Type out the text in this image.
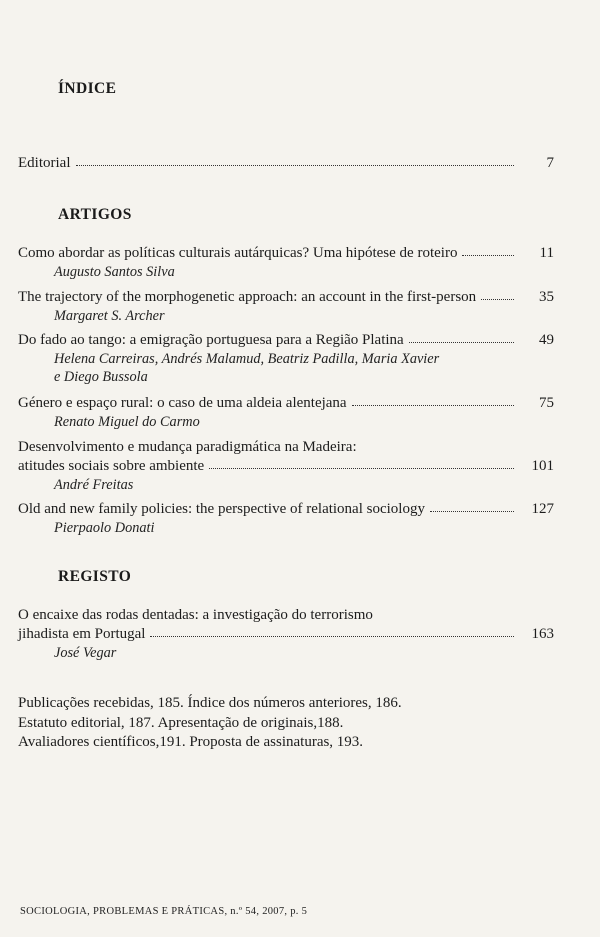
ÍNDICE
Editorial	7
ARTIGOS
Como abordar as políticas culturais autárquicas? Uma hipótese de roteiro	11
Augusto Santos Silva
The trajectory of the morphogenetic approach: an account in the first-person	35
Margaret S. Archer
Do fado ao tango: a emigração portuguesa para a Região Platina	49
Helena Carreiras, Andrés Malamud, Beatriz Padilla, Maria Xavier
e Diego Bussola
Género e espaço rural: o caso de uma aldeia alentejana	75
Renato Miguel do Carmo
Desenvolvimento e mudança paradigmática na Madeira:
atitudes sociais sobre ambiente	101
André Freitas
Old and new family policies: the perspective of relational sociology	127
Pierpaolo Donati
REGISTO
O encaixe das rodas dentadas: a investigação do terrorismo
jihadista em Portugal	163
José Vegar
Publicações recebidas, 185. Índice dos números anteriores, 186.
Estatuto editorial, 187. Apresentação de originais,188.
Avaliadores científicos,191. Proposta de assinaturas, 193.
SOCIOLOGIA, PROBLEMAS E PRÁTICAS, n.º 54, 2007, p. 5
